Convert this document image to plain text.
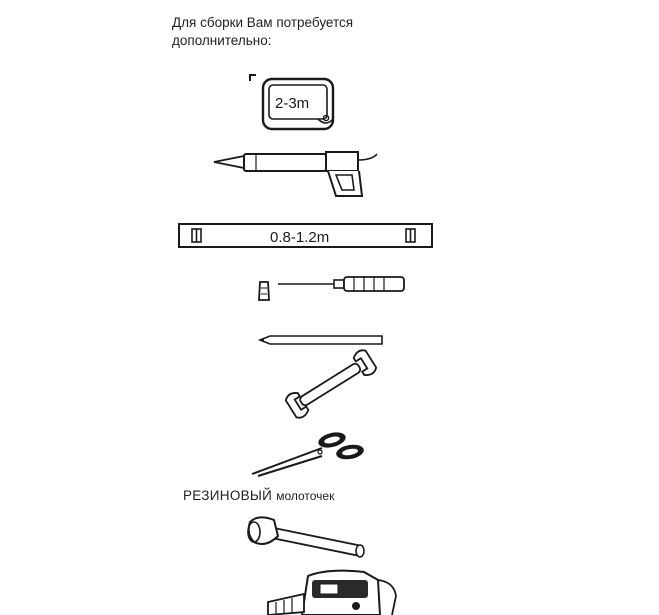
Для сборки Вам потребуется
дополнительно:
2-3m
0.8-1.2m
РЕЗИНОВЫЙ молоточек
